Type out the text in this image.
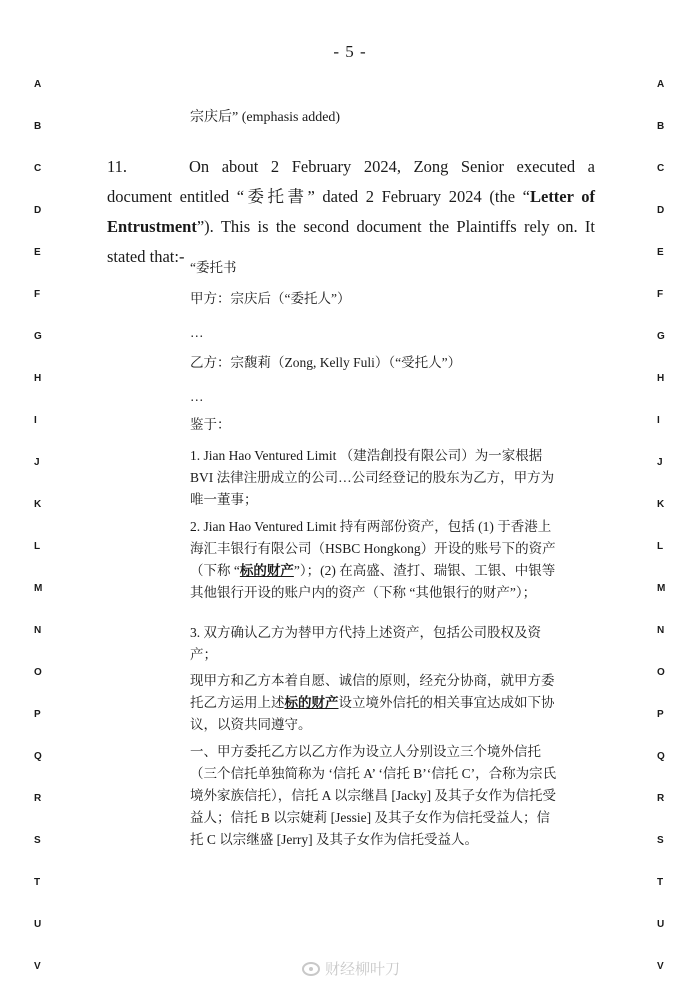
- 5 -
A
B
C
D
E
F
G
H
I
J
K
L
M
N
O
P
Q
R
S
T
U
V
A
B
C
D
E
F
G
H
I
J
K
L
M
N
O
P
Q
R
S
T
U
V
宗庆后” (emphasis added)
11.	On about 2 February 2024, Zong Senior executed a document entitled “委托書” dated 2 February 2024 (the “Letter of Entrustment”). This is the second document the Plaintiffs rely on. It stated that:-
“委托书
甲方：宗庆后（“委托人”）
…
乙方：宗馥莉（Zong, Kelly Fuli）（“受托人”）
…
鉴于：
1. Jian Hao Ventured Limit （建浩創投有限公司）为一家根据 BVI 法律注册成立的公司…公司经登记的股东为乙方，甲方为唯一董事；
2. Jian Hao Ventured Limit 持有两部份资产，包括 (1) 于香港上海汇丰银行有限公司（HSBC Hongkong）开设的账号下的资产（下称 “标的财产”）；(2) 在高盛、渣打、瑞银、工银、中银等其他银行开设的账户内的资产（下称 “其他银行的财产”）；
3. 双方确认乙方为替甲方代持上述资产，包括公司股权及资产；
现甲方和乙方本着自愿、诚信的原则，经充分协商，就甲方委托乙方运用上述标的财产设立境外信托的相关事宜达成如下协议，以资共同遵守。
一、甲方委托乙方以乙方作为设立人分别设立三个境外信托（三个信托单独简称为 ‘信托 A’ ‘信托 B’‘信托 C’，合称为宗氏境外家族信托），信托 A 以宗继昌 [Jacky] 及其子女作为信托受益人；信托 B 以宗婕莉 [Jessie] 及其子女作为信托受益人；信托 C 以宗继盛 [Jerry] 及其子女作为信托受益人。
财经柳叶刀
